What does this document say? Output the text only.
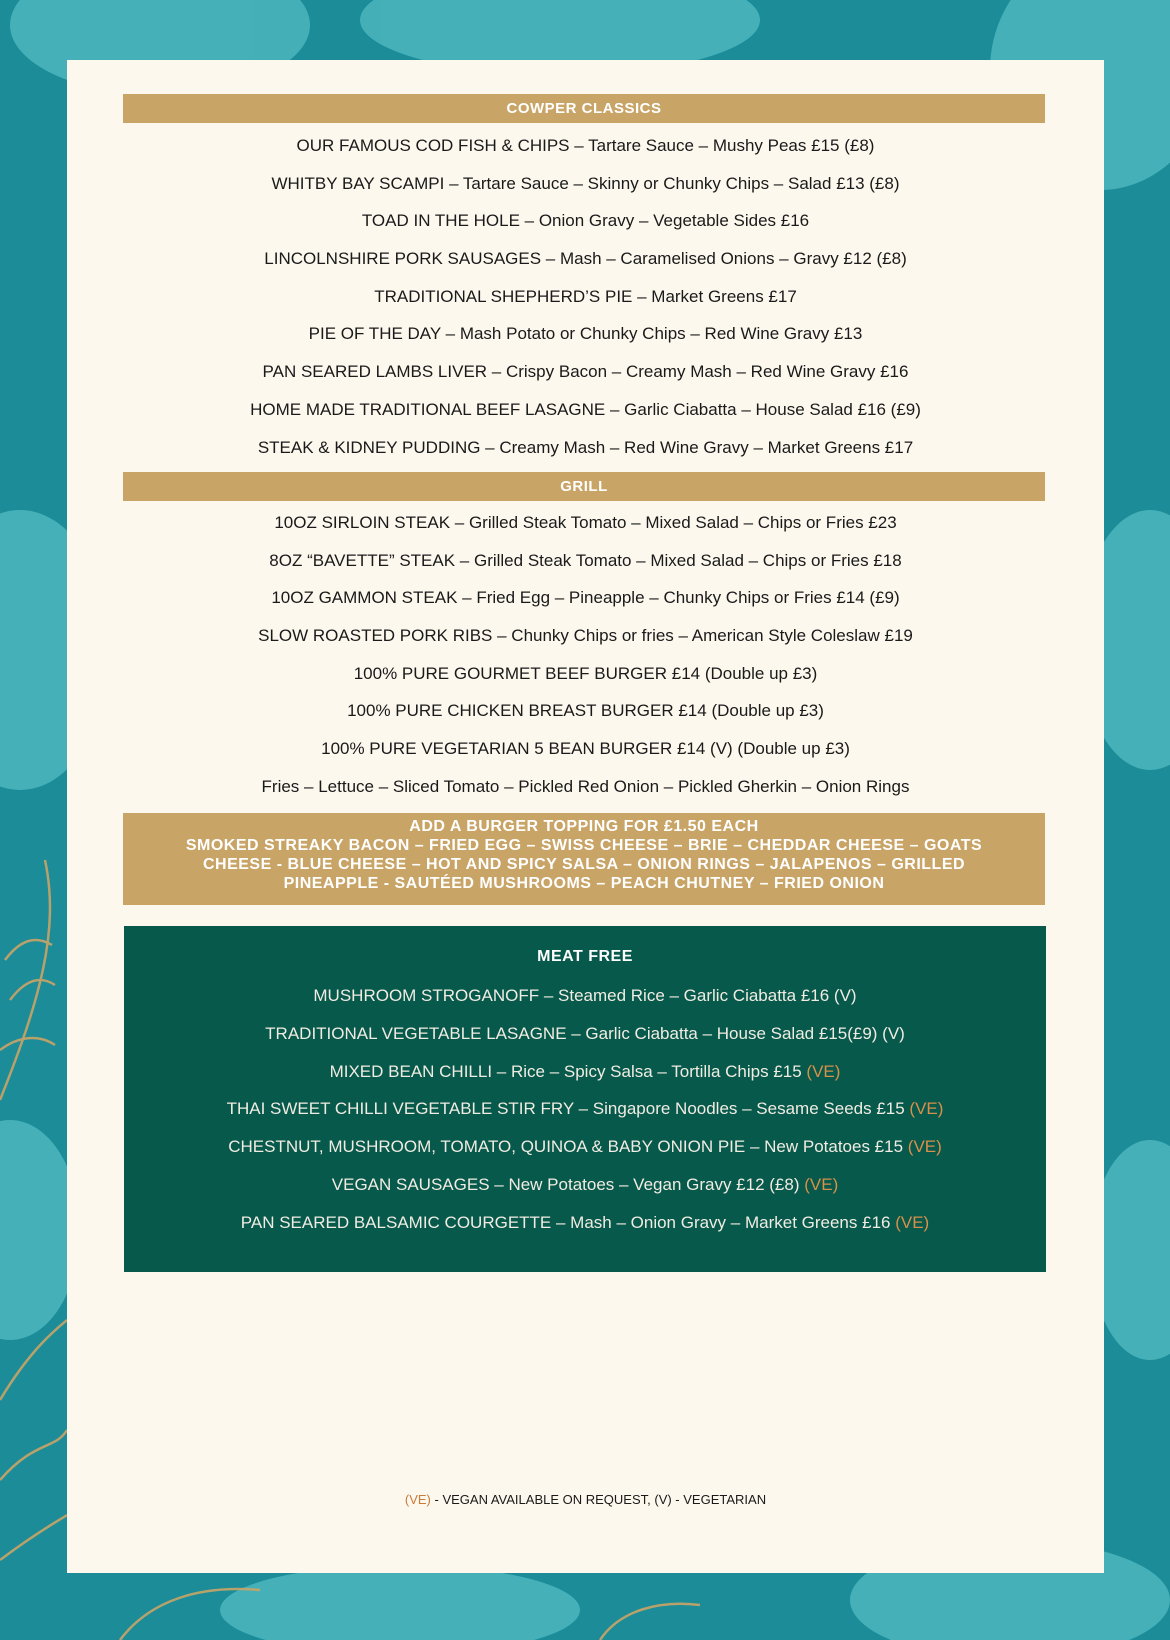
COWPER CLASSICS
OUR FAMOUS COD FISH & CHIPS – Tartare Sauce – Mushy Peas £15 (£8)
WHITBY BAY SCAMPI – Tartare Sauce – Skinny or Chunky Chips – Salad £13 (£8)
TOAD IN THE HOLE – Onion Gravy – Vegetable Sides £16
LINCOLNSHIRE PORK SAUSAGES – Mash – Caramelised Onions – Gravy £12 (£8)
TRADITIONAL SHEPHERD’S PIE – Market Greens £17
PIE OF THE DAY – Mash Potato or Chunky Chips – Red Wine Gravy £13
PAN SEARED LAMBS LIVER – Crispy Bacon – Creamy Mash – Red Wine Gravy £16
HOME MADE TRADITIONAL BEEF LASAGNE – Garlic Ciabatta – House Salad £16 (£9)
STEAK & KIDNEY PUDDING – Creamy Mash – Red Wine Gravy – Market Greens £17
GRILL
10OZ SIRLOIN STEAK – Grilled Steak Tomato – Mixed Salad – Chips or Fries £23
8OZ “BAVETTE” STEAK – Grilled Steak Tomato – Mixed Salad – Chips or Fries £18
10OZ GAMMON STEAK – Fried Egg – Pineapple – Chunky Chips or Fries £14 (£9)
SLOW ROASTED PORK RIBS – Chunky Chips or fries – American Style Coleslaw £19
100% PURE GOURMET BEEF BURGER £14 (Double up £3)
100% PURE CHICKEN BREAST BURGER £14 (Double up £3)
100% PURE VEGETARIAN 5 BEAN BURGER £14 (V) (Double up £3)
Fries – Lettuce – Sliced Tomato – Pickled Red Onion – Pickled Gherkin – Onion Rings
ADD A BURGER TOPPING FOR £1.50 EACH
SMOKED STREAKY BACON – FRIED EGG – SWISS CHEESE – BRIE – CHEDDAR CHEESE – GOATS
CHEESE - BLUE CHEESE – HOT AND SPICY SALSA – ONION RINGS – JALAPENOS – GRILLED
PINEAPPLE - SAUTÉED MUSHROOMS – PEACH CHUTNEY – FRIED ONION
MEAT FREE
MUSHROOM STROGANOFF – Steamed Rice – Garlic Ciabatta £16 (V)
TRADITIONAL VEGETABLE LASAGNE – Garlic Ciabatta – House Salad £15(£9) (V)
MIXED BEAN CHILLI – Rice – Spicy Salsa – Tortilla Chips £15 (VE)
THAI SWEET CHILLI VEGETABLE STIR FRY – Singapore Noodles – Sesame Seeds £15 (VE)
CHESTNUT, MUSHROOM, TOMATO, QUINOA & BABY ONION PIE – New Potatoes £15 (VE)
VEGAN SAUSAGES – New Potatoes – Vegan Gravy £12 (£8) (VE)
PAN SEARED BALSAMIC COURGETTE – Mash – Onion Gravy – Market Greens £16 (VE)
(VE) - VEGAN AVAILABLE ON REQUEST, (V) - VEGETARIAN
